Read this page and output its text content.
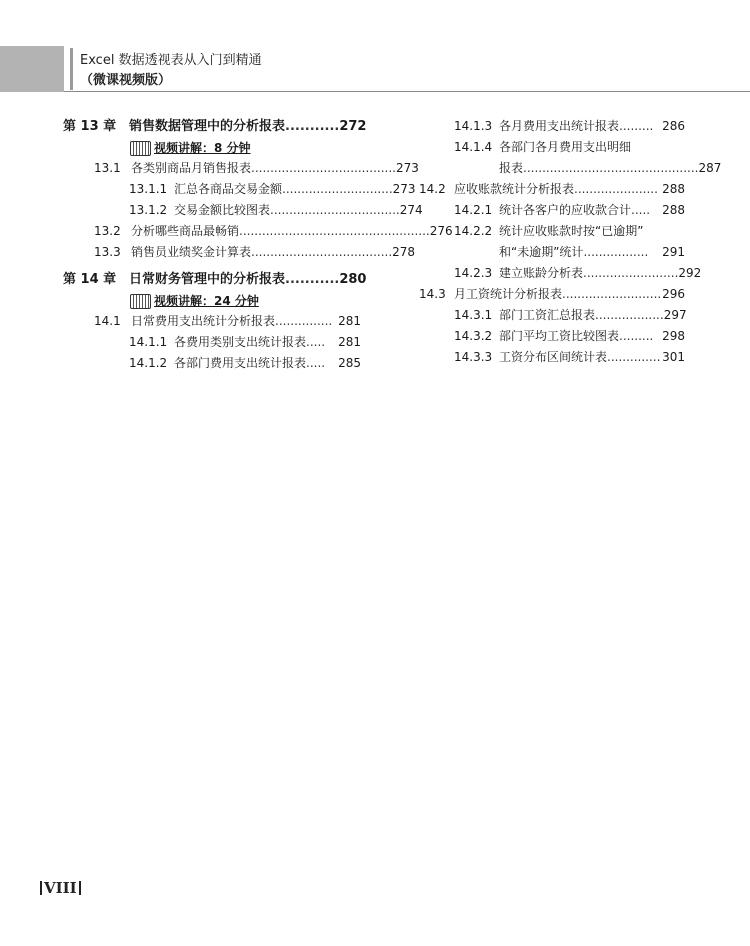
Excel 数据透视表从入门到精通
（微课视频版）
第 13 章 销售数据管理中的分析报表 ........... 272
视频讲解：8 分钟
13.1 各类别商品月销售报表 ...................................... 273
13.1.1 汇总各商品交易金额 ............................. 273
13.1.2 交易金额比较图表 .................................. 274
13.2 分析哪些商品最畅销 .................................................. 276
13.3 销售员业绩奖金计算表 ..................................... 278
第 14 章 日常财务管理中的分析报表 ........... 280
视频讲解：24 分钟
14.1 日常费用支出统计分析报表 ............... 281
14.1.1 各费用类别支出统计报表 .....	281
14.1.2 各部门费用支出统计报表 .....	285
14.1.3 各月费用支出统计报表 ......... 286
14.1.4 各部门各月费用支出明细
报表 .............................................. 287
14.2 应收账款统计分析报表 ...................... 288
14.2.1 统计各客户的应收款合计 .....	288
14.2.2 统计应收账款时按“已逾期”
和“未逾期”统计 .................	291
14.2.3 建立账龄分析表 ......................... 292
14.3 月工资统计分析报表 .......................... 296
14.3.1 部门工资汇总报表 .................. 297
14.3.2 部门平均工资比较图表 ......... 298
14.3.3 工资分布区间统计表 .............. 301
VIII
